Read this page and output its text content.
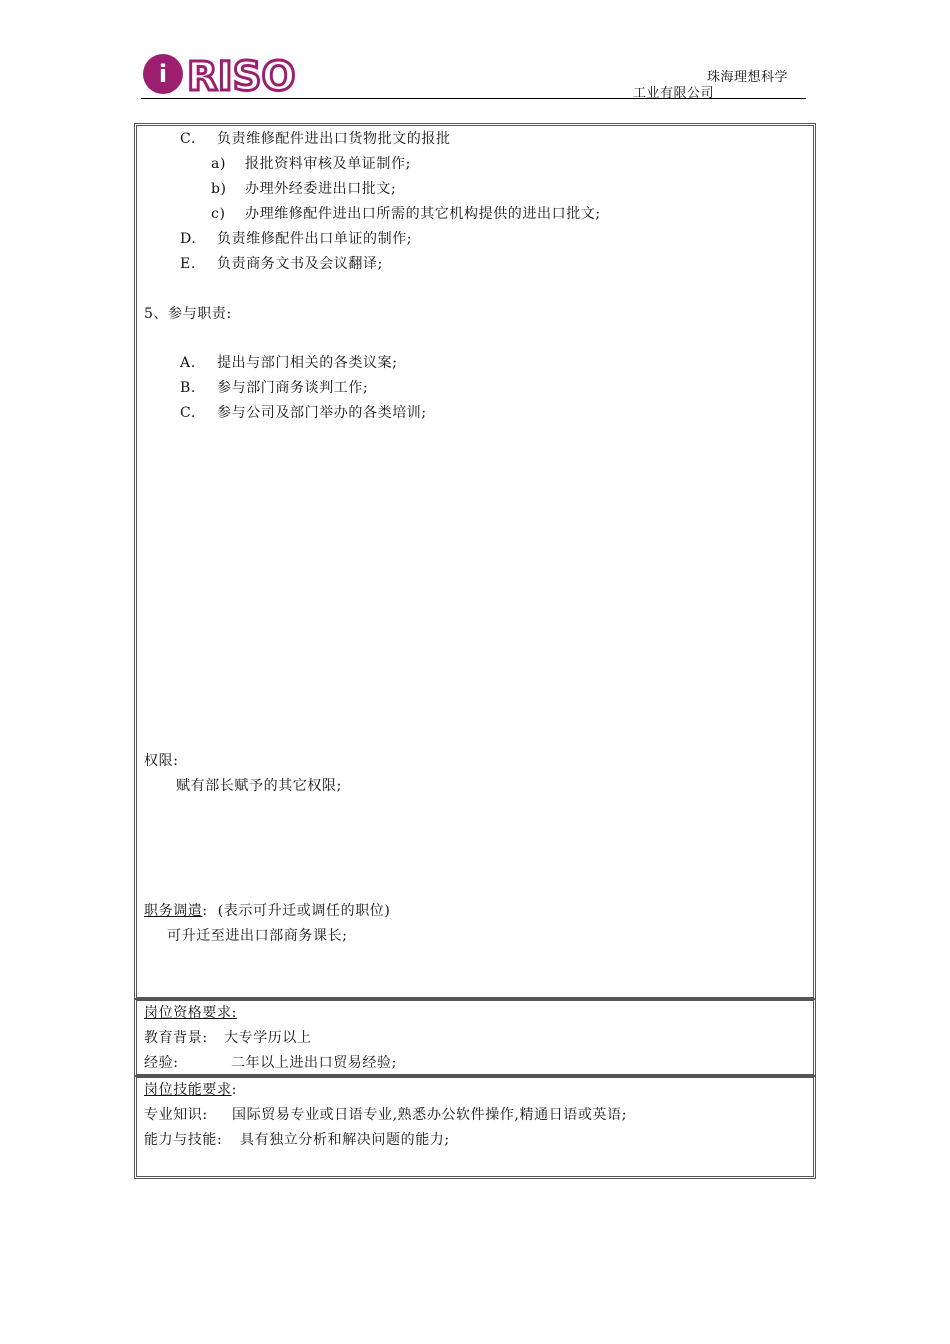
i RISO	珠海理想科学
工业有限公司
C. 负责维修配件进出口货物批文的报批
a) 报批资料审核及单证制作;
b) 办理外经委进出口批文;
c) 办理维修配件进出口所需的其它机构提供的进出口批文;
D. 负责维修配件出口单证的制作;
E. 负责商务文书及会议翻译;
5、参与职责:
A. 提出与部门相关的各类议案;
B. 参与部门商务谈判工作;
C. 参与公司及部门举办的各类培训;
权限:
赋有部长赋予的其它权限;
职务调遣: (表示可升迁或调任的职位)
可升迁至进出口部商务课长;
岗位资格要求:
教育背景: 大专学历以上
经验:	二年以上进出口贸易经验;
岗位技能要求:
专业知识: 国际贸易专业或日语专业,熟悉办公软件操作,精通日语或英语;
能力与技能: 具有独立分析和解决问题的能力;
